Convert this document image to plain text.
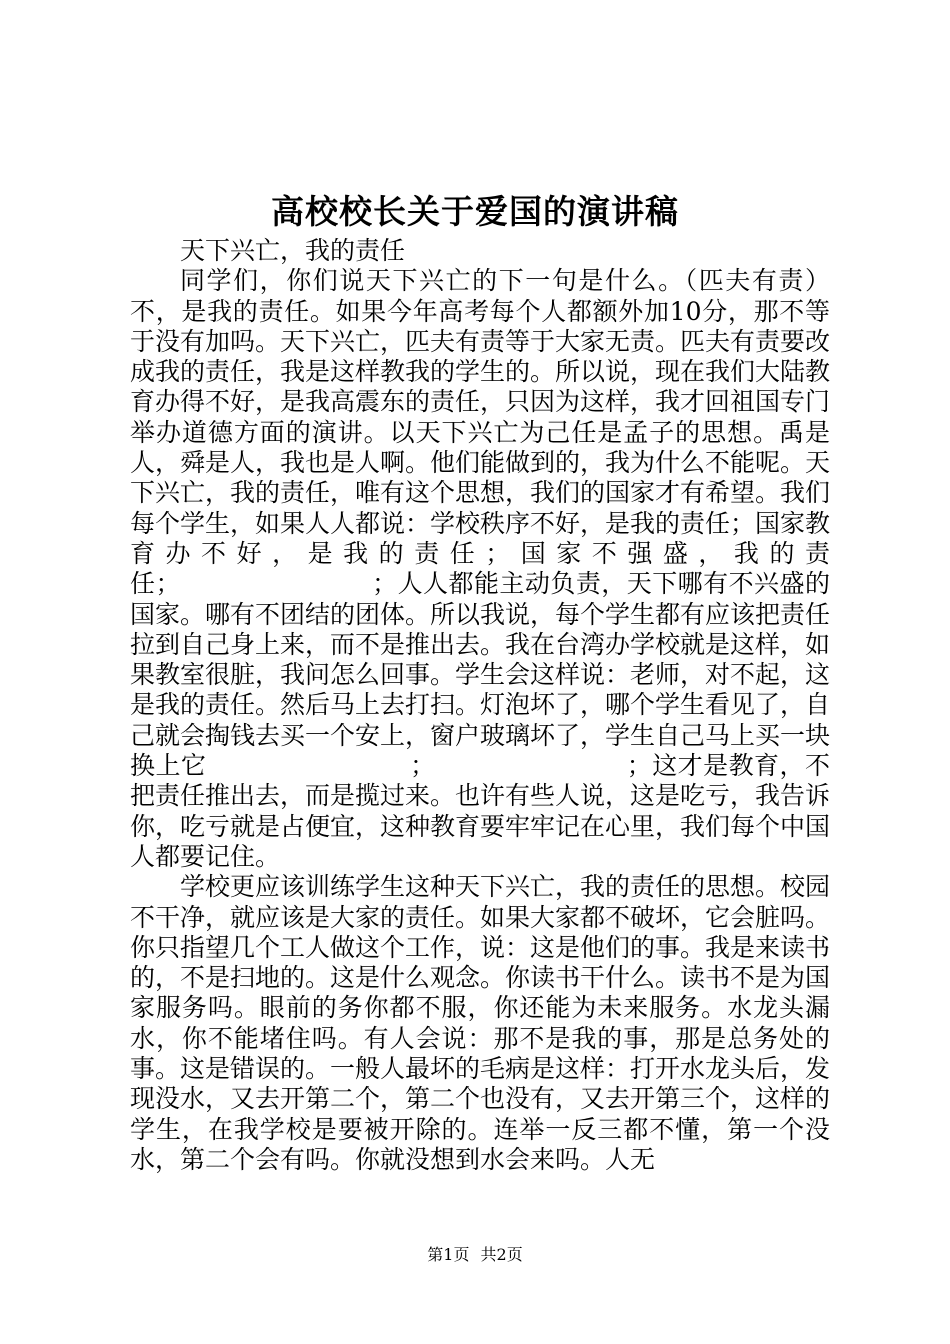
高校校长关于爱国的演讲稿

天下兴亡，我的责任

同学们，你们说天下兴亡的下一句是什么。（匹夫有责）不，是我的责任。如果今年高考每个人都额外加10分，那不等于没有加吗。天下兴亡，匹夫有责等于大家无责。匹夫有责要改成我的责任，我是这样教我的学生的。所以说，现在我们大陆教育办得不好，是我高震东的责任，只因为这样，我才回祖国专门举办道德方面的演讲。以天下兴亡为己任是孟子的思想。禹是人，舜是人，我也是人啊。他们能做到的，我为什么不能呢。天下兴亡，我的责任，唯有这个思想，我们的国家才有希望。我们每个学生，如果人人都说：学校秩序不好，是我的责任；国家教育办不好，是我的责任；国家不强盛，我的责任；　　　　　　　　；人人都能主动负责，天下哪有不兴盛的国家。哪有不团结的团体。所以我说，每个学生都有应该把责任拉到自己身上来，而不是推出去。我在台湾办学校就是这样，如果教室很脏，我问怎么回事。学生会这样说：老师，对不起，这是我的责任。然后马上去打扫。灯泡坏了，哪个学生看见了，自己就会掏钱去买一个安上，窗户玻璃坏了，学生自己马上买一块换上它　　　　　　　　；　　　　　　　　；这才是教育，不把责任推出去，而是揽过来。也许有些人说，这是吃亏，我告诉你，吃亏就是占便宜，这种教育要牢牢记在心里，我们每个中国人都要记住。

学校更应该训练学生这种天下兴亡，我的责任的思想。校园不干净，就应该是大家的责任。如果大家都不破坏，它会脏吗。你只指望几个工人做这个工作，说：这是他们的事。我是来读书的，不是扫地的。这是什么观念。你读书干什么。读书不是为国家服务吗。眼前的务你都不服，你还能为未来服务。水龙头漏水，你不能堵住吗。有人会说：那不是我的事，那是总务处的事。这是错误的。一般人最坏的毛病是这样：打开水龙头后，发现没水，又去开第二个，第二个也没有，又去开第三个，这样的学生，在我学校是要被开除的。连举一反三都不懂，第一个没水，第二个会有吗。你就没想到水会来吗。人无

第1页 共2页
